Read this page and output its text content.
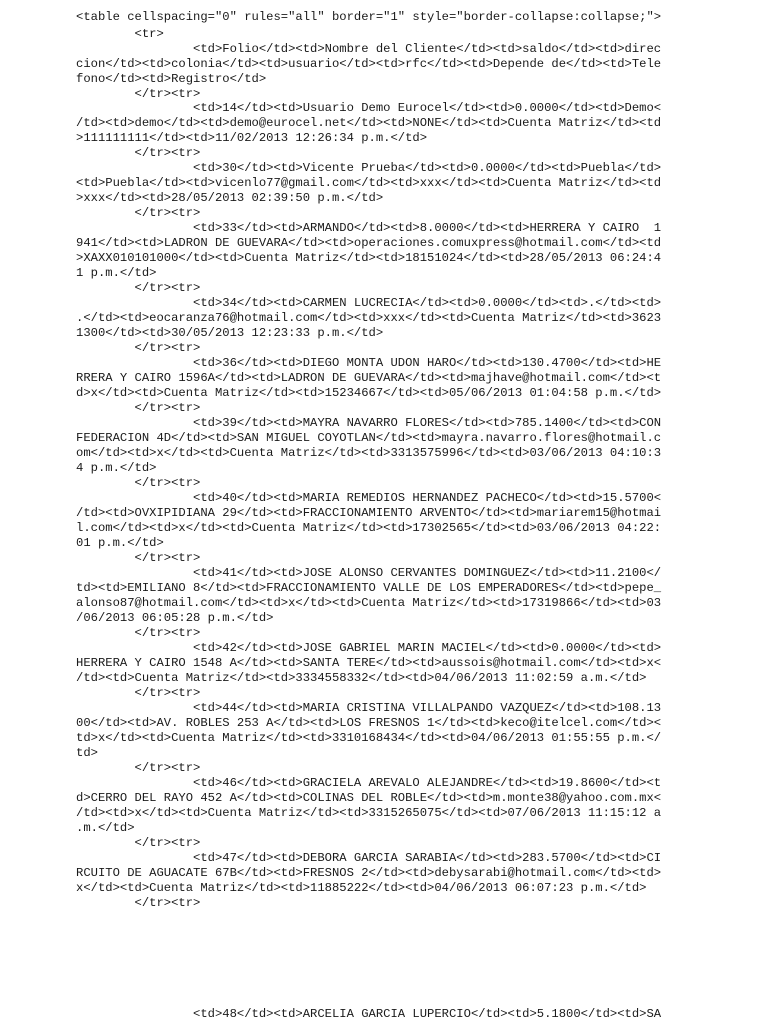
<table cellspacing="0" rules="all" border="1" style="border-collapse:collapse;">
<tr>
<td>Folio</td><td>Nombre del Cliente</td><td>saldo</td><td>direc
cion</td><td>colonia</td><td>usuario</td><td>rfc</td><td>Depende de</td><td>Tele
fono</td><td>Registro</td>
</tr><tr>
<td>14</td><td>Usuario Demo Eurocel</td><td>0.0000</td><td>Demo<
/td><td>demo</td><td>demo@eurocel.net</td><td>NONE</td><td>Cuenta Matriz</td><td
>111111111</td><td>11/02/2013 12:26:34 p.m.</td>
</tr><tr>
<td>30</td><td>Vicente Prueba</td><td>0.0000</td><td>Puebla</td>
<td>Puebla</td><td>vicenlo77@gmail.com</td><td>xxx</td><td>Cuenta Matriz</td><td
>xxx</td><td>28/05/2013 02:39:50 p.m.</td>
</tr><tr>
<td>33</td><td>ARMANDO</td><td>8.0000</td><td>HERRERA Y CAIRO  1
941</td><td>LADRON DE GUEVARA</td><td>operaciones.comuxpress@hotmail.com</td><td
>XAXX010101000</td><td>Cuenta Matriz</td><td>18151024</td><td>28/05/2013 06:24:4
1 p.m.</td>
</tr><tr>
<td>34</td><td>CARMEN LUCRECIA</td><td>0.0000</td><td>.</td><td>
.</td><td>eocaranza76@hotmail.com</td><td>xxx</td><td>Cuenta Matriz</td><td>3623
1300</td><td>30/05/2013 12:23:33 p.m.</td>
</tr><tr>
<td>36</td><td>DIEGO MONTA UDON HARO</td><td>130.4700</td><td>HE
RRERA Y CAIRO 1596A</td><td>LADRON DE GUEVARA</td><td>majhave@hotmail.com</td><t
d>x</td><td>Cuenta Matriz</td><td>15234667</td><td>05/06/2013 01:04:58 p.m.</td>
</tr><tr>
<td>39</td><td>MAYRA NAVARRO FLORES</td><td>785.1400</td><td>CON
FEDERACION 4D</td><td>SAN MIGUEL COYOTLAN</td><td>mayra.navarro.flores@hotmail.c
om</td><td>x</td><td>Cuenta Matriz</td><td>3313575996</td><td>03/06/2013 04:10:3
4 p.m.</td>
</tr><tr>
<td>40</td><td>MARIA REMEDIOS HERNANDEZ PACHECO</td><td>15.5700<
/td><td>OVXIPIDIANA 29</td><td>FRACCIONAMIENTO ARVENTO</td><td>mariarem15@hotmai
l.com</td><td>x</td><td>Cuenta Matriz</td><td>17302565</td><td>03/06/2013 04:22:
01 p.m.</td>
</tr><tr>
<td>41</td><td>JOSE ALONSO CERVANTES DOMINGUEZ</td><td>11.2100</
td><td>EMILIANO 8</td><td>FRACCIONAMIENTO VALLE DE LOS EMPERADORES</td><td>pepe_
alonso87@hotmail.com</td><td>x</td><td>Cuenta Matriz</td><td>17319866</td><td>03
/06/2013 06:05:28 p.m.</td>
</tr><tr>
<td>42</td><td>JOSE GABRIEL MARIN MACIEL</td><td>0.0000</td><td>
HERRERA Y CAIRO 1548 A</td><td>SANTA TERE</td><td>aussois@hotmail.com</td><td>x<
/td><td>Cuenta Matriz</td><td>3334558332</td><td>04/06/2013 11:02:59 a.m.</td>
</tr><tr>
<td>44</td><td>MARIA CRISTINA VILLALPANDO VAZQUEZ</td><td>108.13
00</td><td>AV. ROBLES 253 A</td><td>LOS FRESNOS 1</td><td>keco@itelcel.com</td><
td>x</td><td>Cuenta Matriz</td><td>3310168434</td><td>04/06/2013 01:55:55 p.m.</
td>
</tr><tr>
<td>46</td><td>GRACIELA AREVALO ALEJANDRE</td><td>19.8600</td><t
d>CERRO DEL RAYO 452 A</td><td>COLINAS DEL ROBLE</td><td>m.monte38@yahoo.com.mx<
/td><td>x</td><td>Cuenta Matriz</td><td>3315265075</td><td>07/06/2013 11:15:12 a
.m.</td>
</tr><tr>
<td>47</td><td>DEBORA GARCIA SARABIA</td><td>283.5700</td><td>CI
RCUITO DE AGUACATE 67B</td><td>FRESNOS 2</td><td>debysarabi@hotmail.com</td><td>
x</td><td>Cuenta Matriz</td><td>11885222</td><td>04/06/2013 06:07:23 p.m.</td>
</tr><tr>
<td>48</td><td>ARCELIA GARCIA LUPERCIO</td><td>5.1800</td><td>SA
